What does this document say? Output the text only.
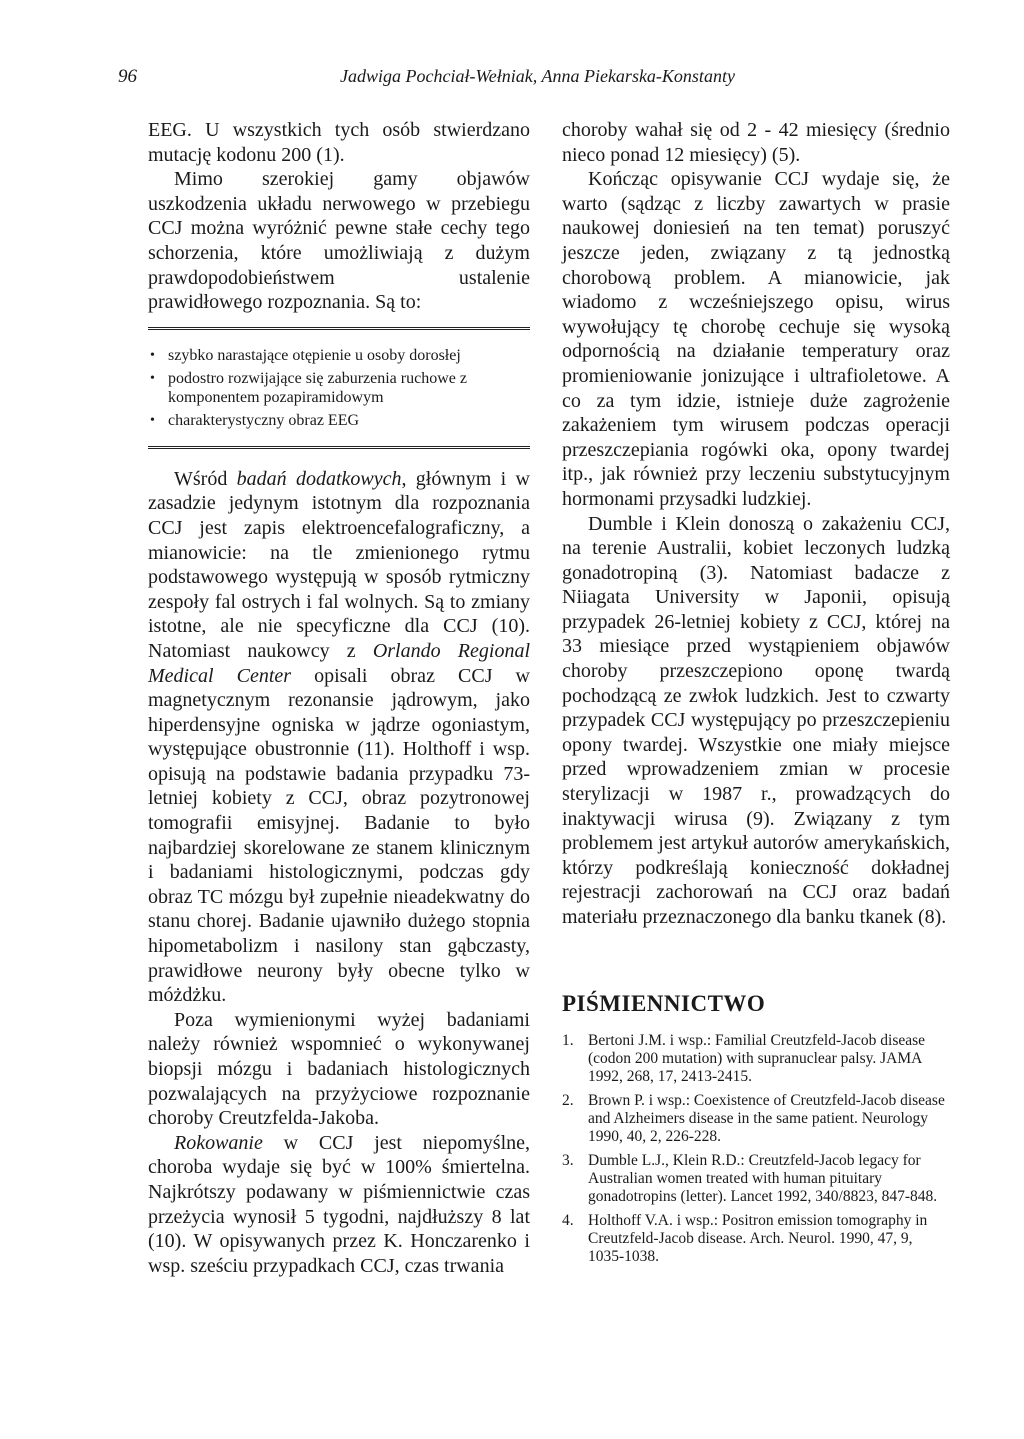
96	Jadwiga Pochciał-Wełniak, Anna Piekarska-Konstanty

EEG. U wszystkich tych osób stwierdzano mutację kodonu 200 (1).

Mimo szerokiej gamy objawów uszkodzenia układu nerwowego w przebiegu CCJ można wyróżnić pewne stałe cechy tego schorzenia, które umożliwiają z dużym prawdopodobieństwem ustalenie prawidłowego rozpoznania. Są to:

• szybko narastające otępienie u osoby dorosłej
• podostro rozwijające się zaburzenia ruchowe z komponentem pozapiramidowym
• charakterystyczny obraz EEG

Wśród badań dodatkowych, głównym i w zasadzie jedynym istotnym dla rozpoznania CCJ jest zapis elektroencefalograficzny, a mianowicie: na tle zmienionego rytmu podstawowego występują w sposób rytmiczny zespoły fal ostrych i fal wolnych. Są to zmiany istotne, ale nie specyficzne dla CCJ (10). Natomiast naukowcy z Orlando Regional Medical Center opisali obraz CCJ w magnetycznym rezonansie jądrowym, jako hiperdensyjne ogniska w jądrze ogoniastym, występujące obustronnie (11). Holthoff i wsp. opisują na podstawie badania przypadku 73-letniej kobiety z CCJ, obraz pozytronowej tomografii emisyjnej. Badanie to było najbardziej skorelowane ze stanem klinicznym i badaniami histologicznymi, podczas gdy obraz TC mózgu był zupełnie nieadekwatny do stanu chorej. Badanie ujawniło dużego stopnia hipometabolizm i nasilony stan gąbczasty, prawidłowe neurony były obecne tylko w móżdżku.

Poza wymienionymi wyżej badaniami należy również wspomnieć o wykonywanej biopsji mózgu i badaniach histologicznych pozwalających na przyżyciowe rozpoznanie choroby Creutzfelda-Jakoba.

Rokowanie w CCJ jest niepomyślne, choroba wydaje się być w 100% śmiertelna. Najkrótszy podawany w piśmiennictwie czas przeżycia wynosił 5 tygodni, najdłuższy 8 lat (10). W opisywanych przez K. Honczarenko i wsp. sześciu przypadkach CCJ, czas trwania

choroby wahał się od 2 - 42 miesięcy (średnio nieco ponad 12 miesięcy) (5).

Kończąc opisywanie CCJ wydaje się, że warto (sądząc z liczby zawartych w prasie naukowej doniesień na ten temat) poruszyć jeszcze jeden, związany z tą jednostką chorobową problem. A mianowicie, jak wiadomo z wcześniejszego opisu, wirus wywołujący tę chorobę cechuje się wysoką odpornością na działanie temperatury oraz promieniowanie jonizujące i ultrafioletowe. A co za tym idzie, istnieje duże zagrożenie zakażeniem tym wirusem podczas operacji przeszczepiania rogówki oka, opony twardej itp., jak również przy leczeniu substytucyjnym hormonami przysadki ludzkiej.

Dumble i Klein donoszą o zakażeniu CCJ, na terenie Australii, kobiet leczonych ludzką gonadotropiną (3). Natomiast badacze z Niiagata University w Japonii, opisują przypadek 26-letniej kobiety z CCJ, której na 33 miesiące przed wystąpieniem objawów choroby przeszczepiono oponę twardą pochodzącą ze zwłok ludzkich. Jest to czwarty przypadek CCJ występujący po przeszczepieniu opony twardej. Wszystkie one miały miejsce przed wprowadzeniem zmian w procesie sterylizacji w 1987 r., prowadzących do inaktywacji wirusa (9). Związany z tym problemem jest artykuł autorów amerykańskich, którzy podkreślają konieczność dokładnej rejestracji zachorowań na CCJ oraz badań materiału przeznaczonego dla banku tkanek (8).

PIŚMIENNICTWO

1. Bertoni J.M. i wsp.: Familial Creutzfeld-Jacob disease (codon 200 mutation) with supranuclear palsy. JAMA 1992, 268, 17, 2413-2415.
2. Brown P. i wsp.: Coexistence of Creutzfeld-Jacob disease and Alzheimers disease in the same patient. Neurology 1990, 40, 2, 226-228.
3. Dumble L.J., Klein R.D.: Creutzfeld-Jacob legacy for Australian women treated with human pituitary gonadotropins (letter). Lancet 1992, 340/8823, 847-848.
4. Holthoff V.A. i wsp.: Positron emission tomography in Creutzfeld-Jacob disease. Arch. Neurol. 1990, 47, 9, 1035-1038.
